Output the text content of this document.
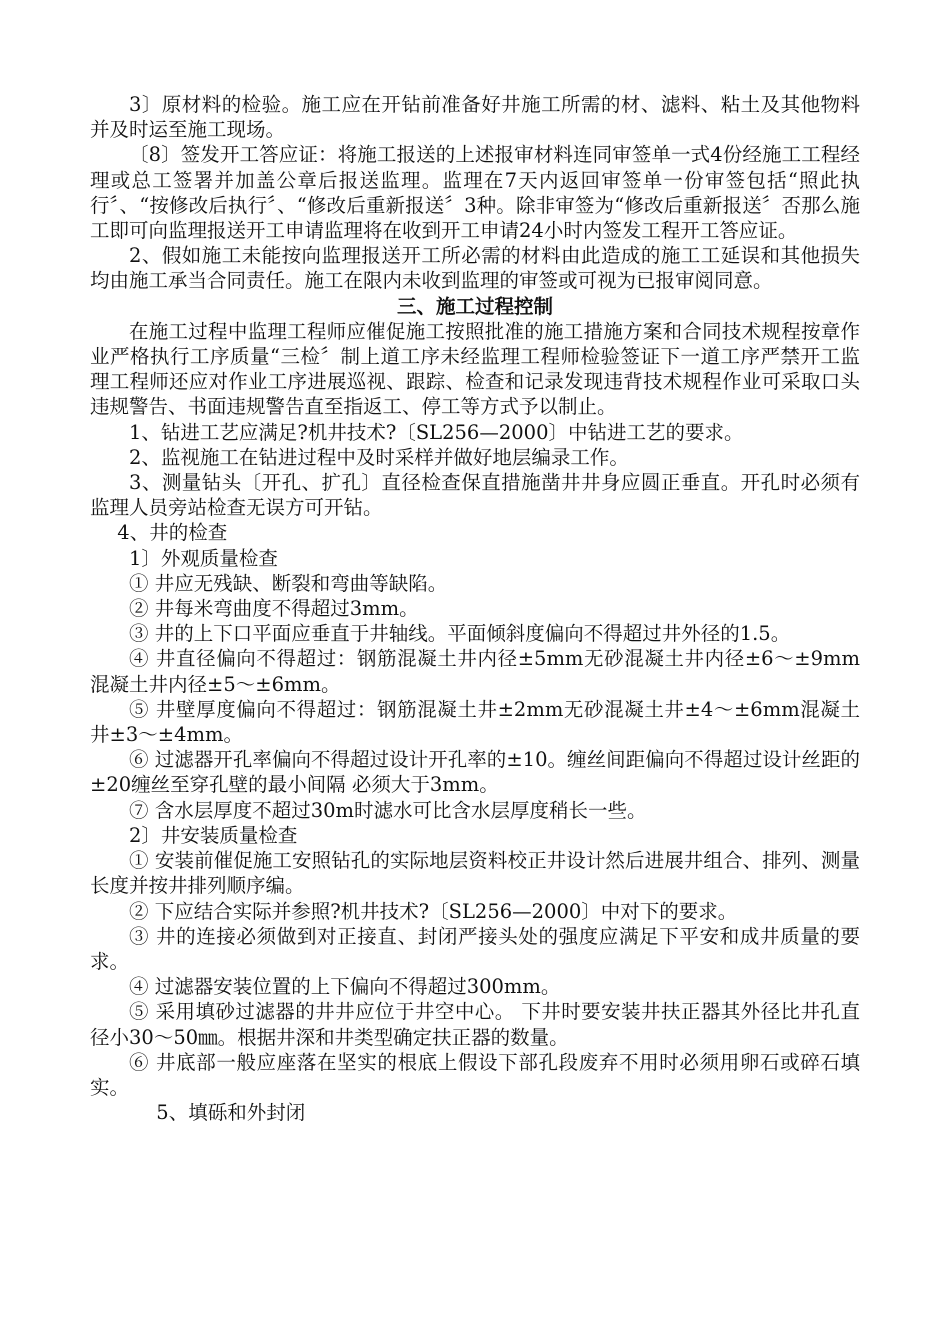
3〕原材料的检验。施工应在开钻前准备好井施工所需的材、滤料、粘土及其他物料并及时运至施工现场。

〔8〕签发开工答应证：将施工报送的上述报审材料连同审签单一式4份经施工工程经理或总工签署并加盖公章后报送监理。监理在7天内返回审签单一份审签包括“照此执行〞、“按修改后执行〞、“修改后重新报送〞3种。除非审签为“修改后重新报送〞否那么施工即可向监理报送开工申请监理将在收到开工申请24小时内签发工程开工答应证。

2、假如施工未能按向监理报送开工所必需的材料由此造成的施工工延误和其他损失均由施工承当合同责任。施工在限内未收到监理的审签或可视为已报审阅同意。

三、施工过程控制

在施工过程中监理工程师应催促施工按照批准的施工措施方案和合同技术规程按章作业严格执行工序质量“三检〞制上道工序未经监理工程师检验签证下一道工序严禁开工监理工程师还应对作业工序进展巡视、跟踪、检查和记录发现违背技术规程作业可采取口头违规警告、书面违规警告直至指返工、停工等方式予以制止。

1、钻进工艺应满足?机井技术?〔SL256—2000〕中钻进工艺的要求。

2、监视施工在钻进过程中及时采样并做好地层编录工作。

3、测量钻头〔开孔、扩孔〕直径检查保直措施凿井井身应圆正垂直。开孔时必须有监理人员旁站检查无误方可开钻。

4、井的检查

1〕外观质量检查

① 井应无残缺、断裂和弯曲等缺陷。

② 井每米弯曲度不得超过3mm。

③ 井的上下口平面应垂直于井轴线。平面倾斜度偏向不得超过井外径的1.5。

④ 井直径偏向不得超过：钢筋混凝土井内径±5mm无砂混凝土井内径±6～±9mm混凝土井内径±5～±6mm。

⑤ 井壁厚度偏向不得超过：钢筋混凝土井±2mm无砂混凝土井±4～±6mm混凝土井±3～±4mm。

⑥ 过滤器开孔率偏向不得超过设计开孔率的±10。缠丝间距偏向不得超过设计丝距的±20缠丝至穿孔壁的最小间隔 必须大于3mm。

⑦ 含水层厚度不超过30m时滤水可比含水层厚度稍长一些。

2〕井安装质量检查

① 安装前催促施工安照钻孔的实际地层资料校正井设计然后进展井组合、排列、测量长度并按井排列顺序编。

② 下应结合实际并参照?机井技术?〔SL256—2000〕中对下的要求。

③ 井的连接必须做到对正接直、封闭严接头处的强度应满足下平安和成井质量的要求。

④ 过滤器安装位置的上下偏向不得超过300mm。

⑤ 采用填砂过滤器的井井应位于井空中心。 下井时要安装井扶正器其外径比井孔直径小30～50㎜。根据井深和井类型确定扶正器的数量。

⑥ 井底部一般应座落在坚实的根底上假设下部孔段废弃不用时必须用卵石或碎石填实。

5、填砾和外封闭
